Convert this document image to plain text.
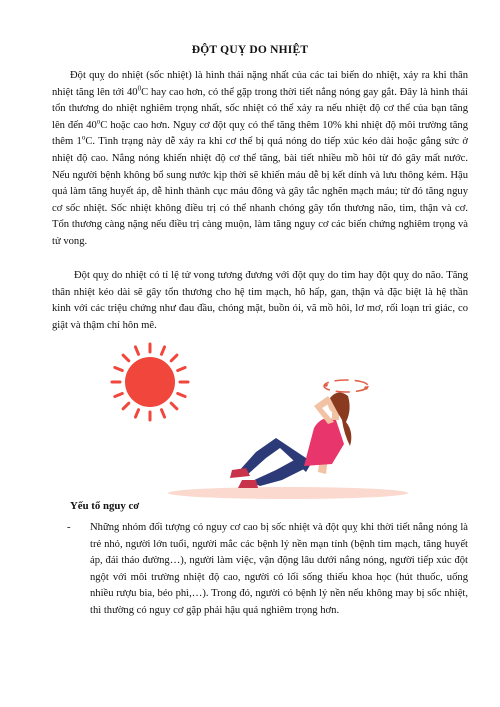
ĐỘT QUỴ DO NHIỆT

Đột quỵ do nhiệt (sốc nhiệt) là hình thái nặng nhất của các tai biến do nhiệt, xảy ra khi thân nhiệt tăng lên tới $40^0C$ hay cao hơn, có thể gặp trong thời tiết nắng nóng gay gắt. Đây là hình thái tổn thương do nhiệt nghiêm trọng nhất, sốc nhiệt có thể xảy ra nếu nhiệt độ cơ thể của bạn tăng lên đến 40$^o$C hoặc cao hơn. Nguy cơ đột quỵ có thể tăng thêm 10% khi nhiệt độ môi trường tăng thêm 1$^o$C. Tình trạng này dễ xảy ra khi cơ thể bị quá nóng do tiếp xúc kéo dài hoặc gắng sức ở nhiệt độ cao. Nắng nóng khiến nhiệt độ cơ thể tăng, bài tiết nhiều mồ hôi từ đó gây mất nước. Nếu người bệnh không bổ sung nước kịp thời sẽ khiến máu dễ bị kết dính và lưu thông kém. Hậu quả làm tăng huyết áp, dễ hình thành cục máu đông và gây tắc nghẽn mạch máu; từ đó tăng nguy cơ sốc nhiệt. Sốc nhiệt không điều trị có thể nhanh chóng gây tổn thương não, tim, thận và cơ. Tổn thương càng nặng nếu điều trị càng muộn, làm tăng nguy cơ các biến chứng nghiêm trọng và tử vong.

Đột quỵ do nhiệt có tỉ lệ tử vong tương đương với đột quỵ do tim hay đột quỵ do não. Tăng thân nhiệt kéo dài sẽ gây tổn thương cho hệ tim mạch, hô hấp, gan, thận và đặc biệt là hệ thần kinh với các triệu chứng như đau đầu, chóng mặt, buồn ói, vã mồ hôi, lơ mơ, rối loạn tri giác, co giật và thậm chí hôn mê.

Yếu tố nguy cơ
- Những nhóm đối tượng có nguy cơ cao bị sốc nhiệt và đột quỵ khi thời tiết nắng nóng là trẻ nhỏ, người lớn tuổi, người mắc các bệnh lý nền mạn tính (bệnh tim mạch, tăng huyết áp, đái tháo đường…), người làm việc, vận động lâu dưới nắng nóng, người tiếp xúc đột ngột với môi trường nhiệt độ cao, người có lối sống thiếu khoa học (hút thuốc, uống nhiều rượu bia, béo phì,…). Trong đó, người có bệnh lý nền nếu không may bị sốc nhiệt, thì thường có nguy cơ gặp phải hậu quả nghiêm trọng hơn.
